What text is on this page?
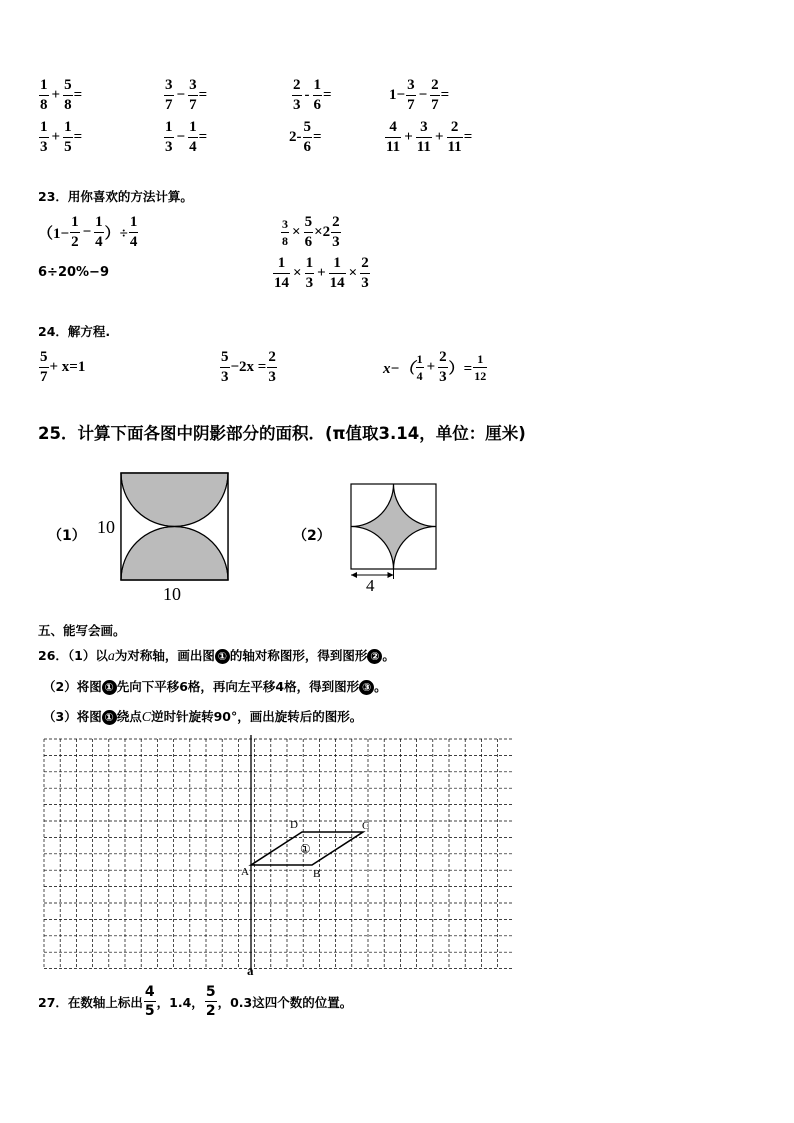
$\frac{1}{8} + \frac{5}{8}$ =	$\frac{3}{7} - \frac{3}{7}$ =	$\frac{2}{3} - \frac{1}{6}$ =	$1- \frac{3}{7} - \frac{2}{7}$ =
$\frac{1}{3} + \frac{1}{5}$ =	$\frac{1}{3} - \frac{1}{4}$ =	$2- \frac{5}{6}$ =	$\frac{4}{11} + \frac{3}{11} + \frac{2}{11}$ =
23．用你喜欢的方法计算。
（$1- \frac{1}{2} - \frac{1}{4}$ ）÷ $\frac{1}{4}$	$\frac{3}{8} \times \frac{5}{6} \times 2 \frac{2}{3}$
6÷20%−9	$\frac{1}{14} \times \frac{1}{3} + \frac{1}{14} \times \frac{2}{3}$
24．解方程.
$\frac{5}{7} + x=1$	$\frac{5}{3} -2x = \frac{2}{3}$	$x-( \frac{1}{4} + \frac{2}{3}$ ）= $\frac{1}{12}$
25．计算下面各图中阴影部分的面积．(π值取3.14，单位：厘米)
（1） 10
10
（2）
4
五、能写会画。
26．（1）以a为对称轴，画出图 ① 的轴对称图形，得到图形 ② 。
（2）将图 ① 先向下平移6格，再向左平移4格，得到图形 ③ 。
（3）将图 ① 绕点C逆时针旋转90°，画出旋转后的图形。
A	B
C
D
①
a
27．在数轴上标出 $\frac{4}{5}$ ，1.4， $\frac{5}{2}$ ，0.3这四个数的位置。
